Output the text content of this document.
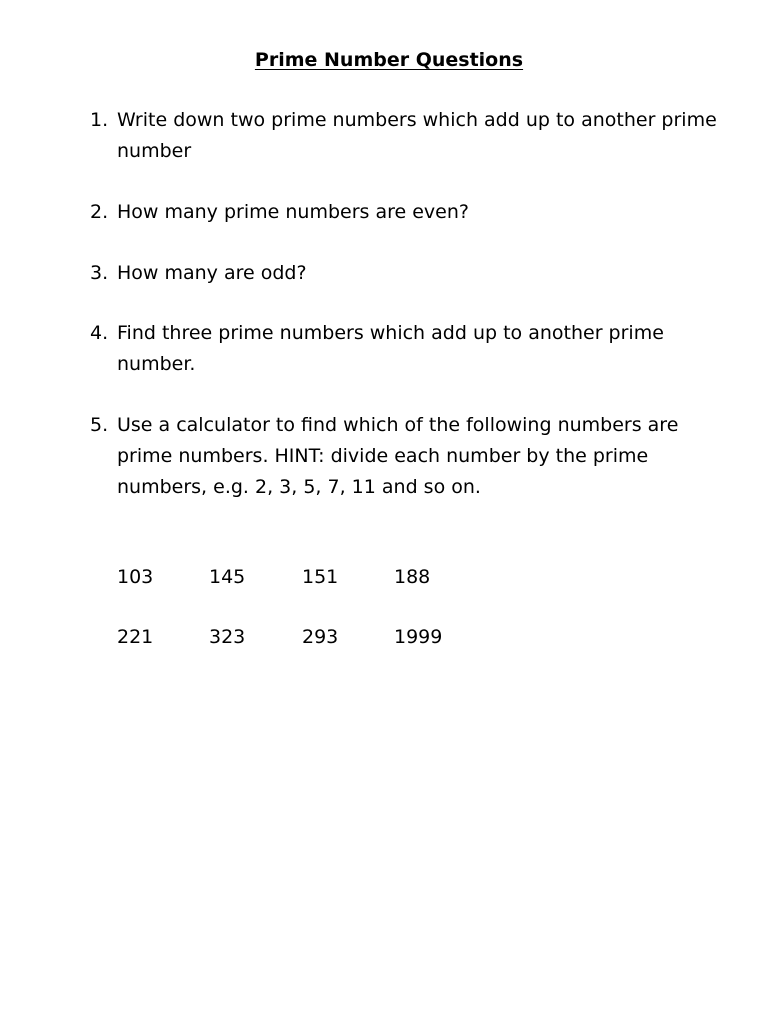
Prime Number Questions
1. Write down two prime numbers which add up to another prime number
2. How many prime numbers are even?
3. How many are odd?
4. Find three prime numbers which add up to another prime number.
5. Use a calculator to find which of the following numbers are prime numbers. HINT: divide each number by the prime numbers, e.g. 2, 3, 5, 7, 11 and so on.
103	145	151	188
221	323	293	1999
